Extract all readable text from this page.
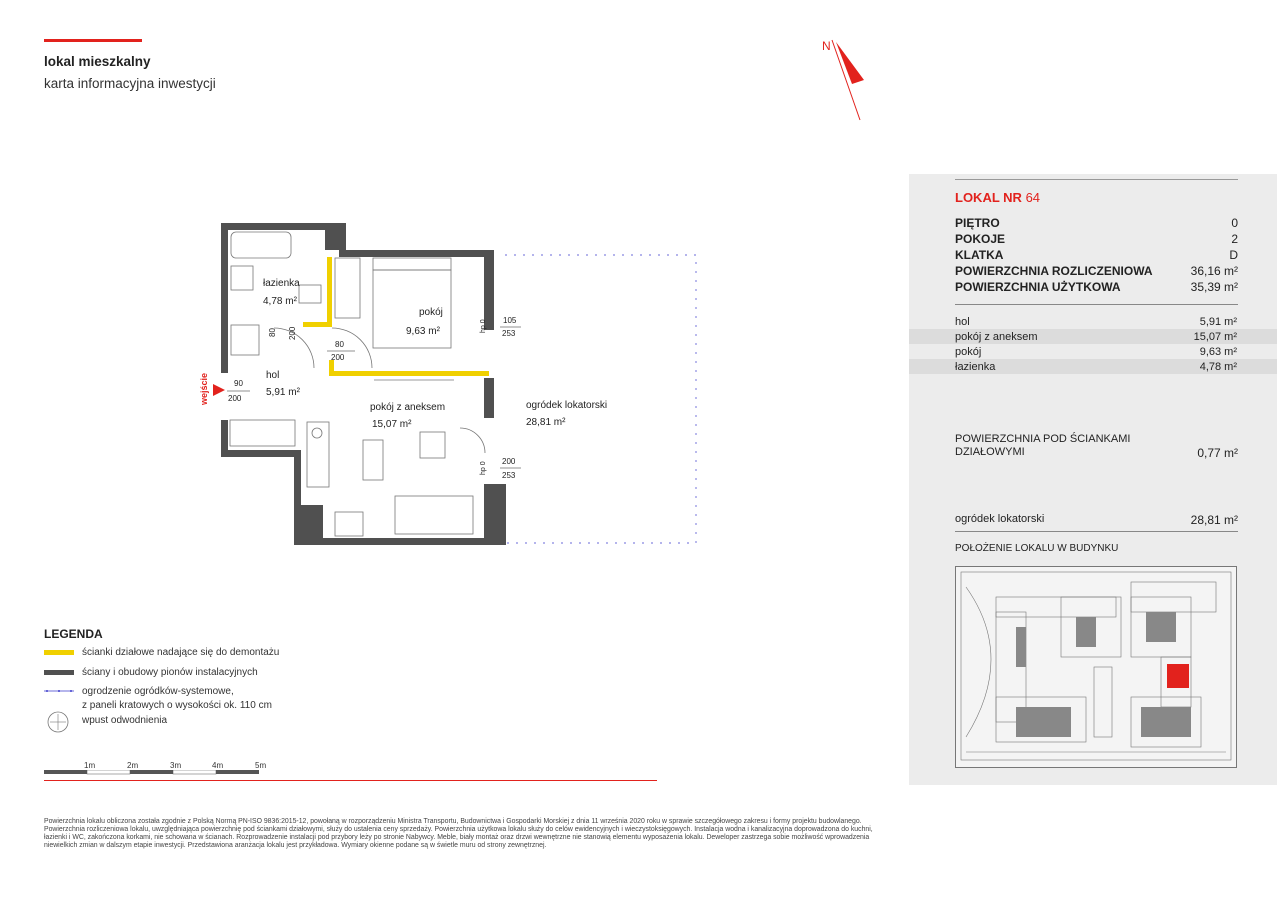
lokal mieszkalny
karta informacyjna inwestycji
N
łazienka
4,78 m²
pokój
9,63 m²
hol
5,91 m²
pokój z aneksem
15,07 m²
ogródek lokatorski
28,81 m²
80 200
80
200
90
200
hp 0 105
253
hp 0 200
253
wejście
LOKAL NR 64
PIĘTRO	0
POKOJE	2
KLATKA	D
POWIERZCHNIA ROZLICZENIOWA	36,16 m²
POWIERZCHNIA UŻYTKOWA	35,39 m²
hol	5,91 m²
pokój z aneksem	15,07 m²
pokój	9,63 m²
łazienka	4,78 m²
POWIERZCHNIA POD ŚCIANKAMI
DZIAŁOWYMI	0,77 m²
ogródek lokatorski	28,81 m²
POŁOŻENIE LOKALU W BUDYNKU
LEGENDA
ścianki działowe nadające się do demontażu
ściany i obudowy pionów instalacyjnych
ogrodzenie ogródków-systemowe,
z paneli kratowych o wysokości ok. 110 cm
wpust odwodnienia
1m	2m	3m	4m	5m
Powierzchnia lokalu obliczona została zgodnie z Polską Normą PN-ISO 9836:2015-12, powołaną w rozporządzeniu Ministra Transportu, Budownictwa i Gospodarki Morskiej z dnia 11 września 2020 roku w sprawie szczegółowego zakresu i formy projektu budowlanego. Powierzchnia rozliczeniowa lokalu, uwzględniająca powierzchnię pod ściankami działowymi, służy do ustalenia ceny sprzedaży. Powierzchnia użytkowa lokalu służy do celów ewidencyjnych i wieczystoksięgowych. Instalacja wodna i kanalizacyjna doprowadzona do kuchni, łazienki i WC, zakończona korkami, nie schowana w ścianach. Rozprowadzenie instalacji pod przybory leży po stronie Nabywcy. Meble, biały montaż oraz drzwi wewnętrzne nie stanowią elementu wyposażenia lokalu. Deweloper zastrzega sobie możliwość wprowadzenia niewielkich zmian w dalszym etapie inwestycji. Przedstawiona aranżacja lokalu jest przykładowa. Wymiary okienne podane są w świetle muru od strony zewnętrznej.
